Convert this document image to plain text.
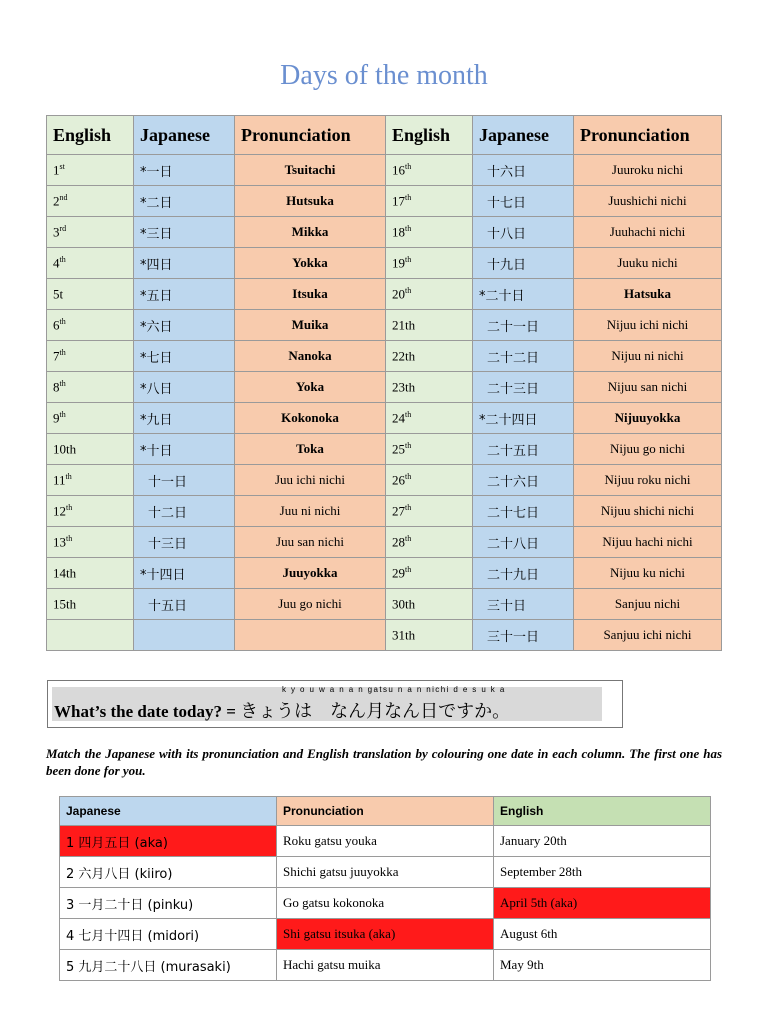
Days of the month
English	Japanese	Pronunciation	English	Japanese	Pronunciation
1st	*一日	Tsuitachi	16th	十六日	Juuroku nichi
2nd	*二日	Hutsuka	17th	十七日	Juushichi nichi
3rd	*三日	Mikka	18th	十八日	Juuhachi nichi
4th	*四日	Yokka	19th	十九日	Juuku nichi
5t	*五日	Itsuka	20th	*二十日	Hatsuka
6th	*六日	Muika	21th	二十一日	Nijuu ichi nichi
7th	*七日	Nanoka	22th	二十二日	Nijuu ni nichi
8th	*八日	Yoka	23th	二十三日	Nijuu san nichi
9th	*九日	Kokonoka	24th	*二十四日	Nijuuyokka
10th	*十日	Toka	25th	二十五日	Nijuu go nichi
11th	十一日	Juu ichi nichi	26th	二十六日	Nijuu roku nichi
12th	十二日	Juu ni nichi	27th	二十七日	Nijuu shichi nichi
13th	十三日	Juu san nichi	28th	二十八日	Nijuu hachi nichi
14th	*十四日	Juuyokka	29th	二十九日	Nijuu ku nichi
15th	十五日	Juu go nichi	30th	三十日	Sanjuu nichi
			31th	三十一日	Sanjuu ichi nichi
k y o u w a n a n gatsu n a n nichi d e s u k a
What’s the date today? = きょうは　なん月なん日ですか。
Match the Japanese with its pronunciation and English translation by colouring one date in each column. The first one has been done for you.
Japanese	Pronunciation	English
1 四月五日 (aka)	Roku gatsu youka	January 20th
2 六月八日 (kiiro)	Shichi gatsu juuyokka	September 28th
3 一月二十日 (pinku)	Go gatsu kokonoka	April 5th (aka)
4 七月十四日 (midori)	Shi gatsu itsuka (aka)	August 6th
5 九月二十八日 (murasaki)	Hachi gatsu muika	May 9th
